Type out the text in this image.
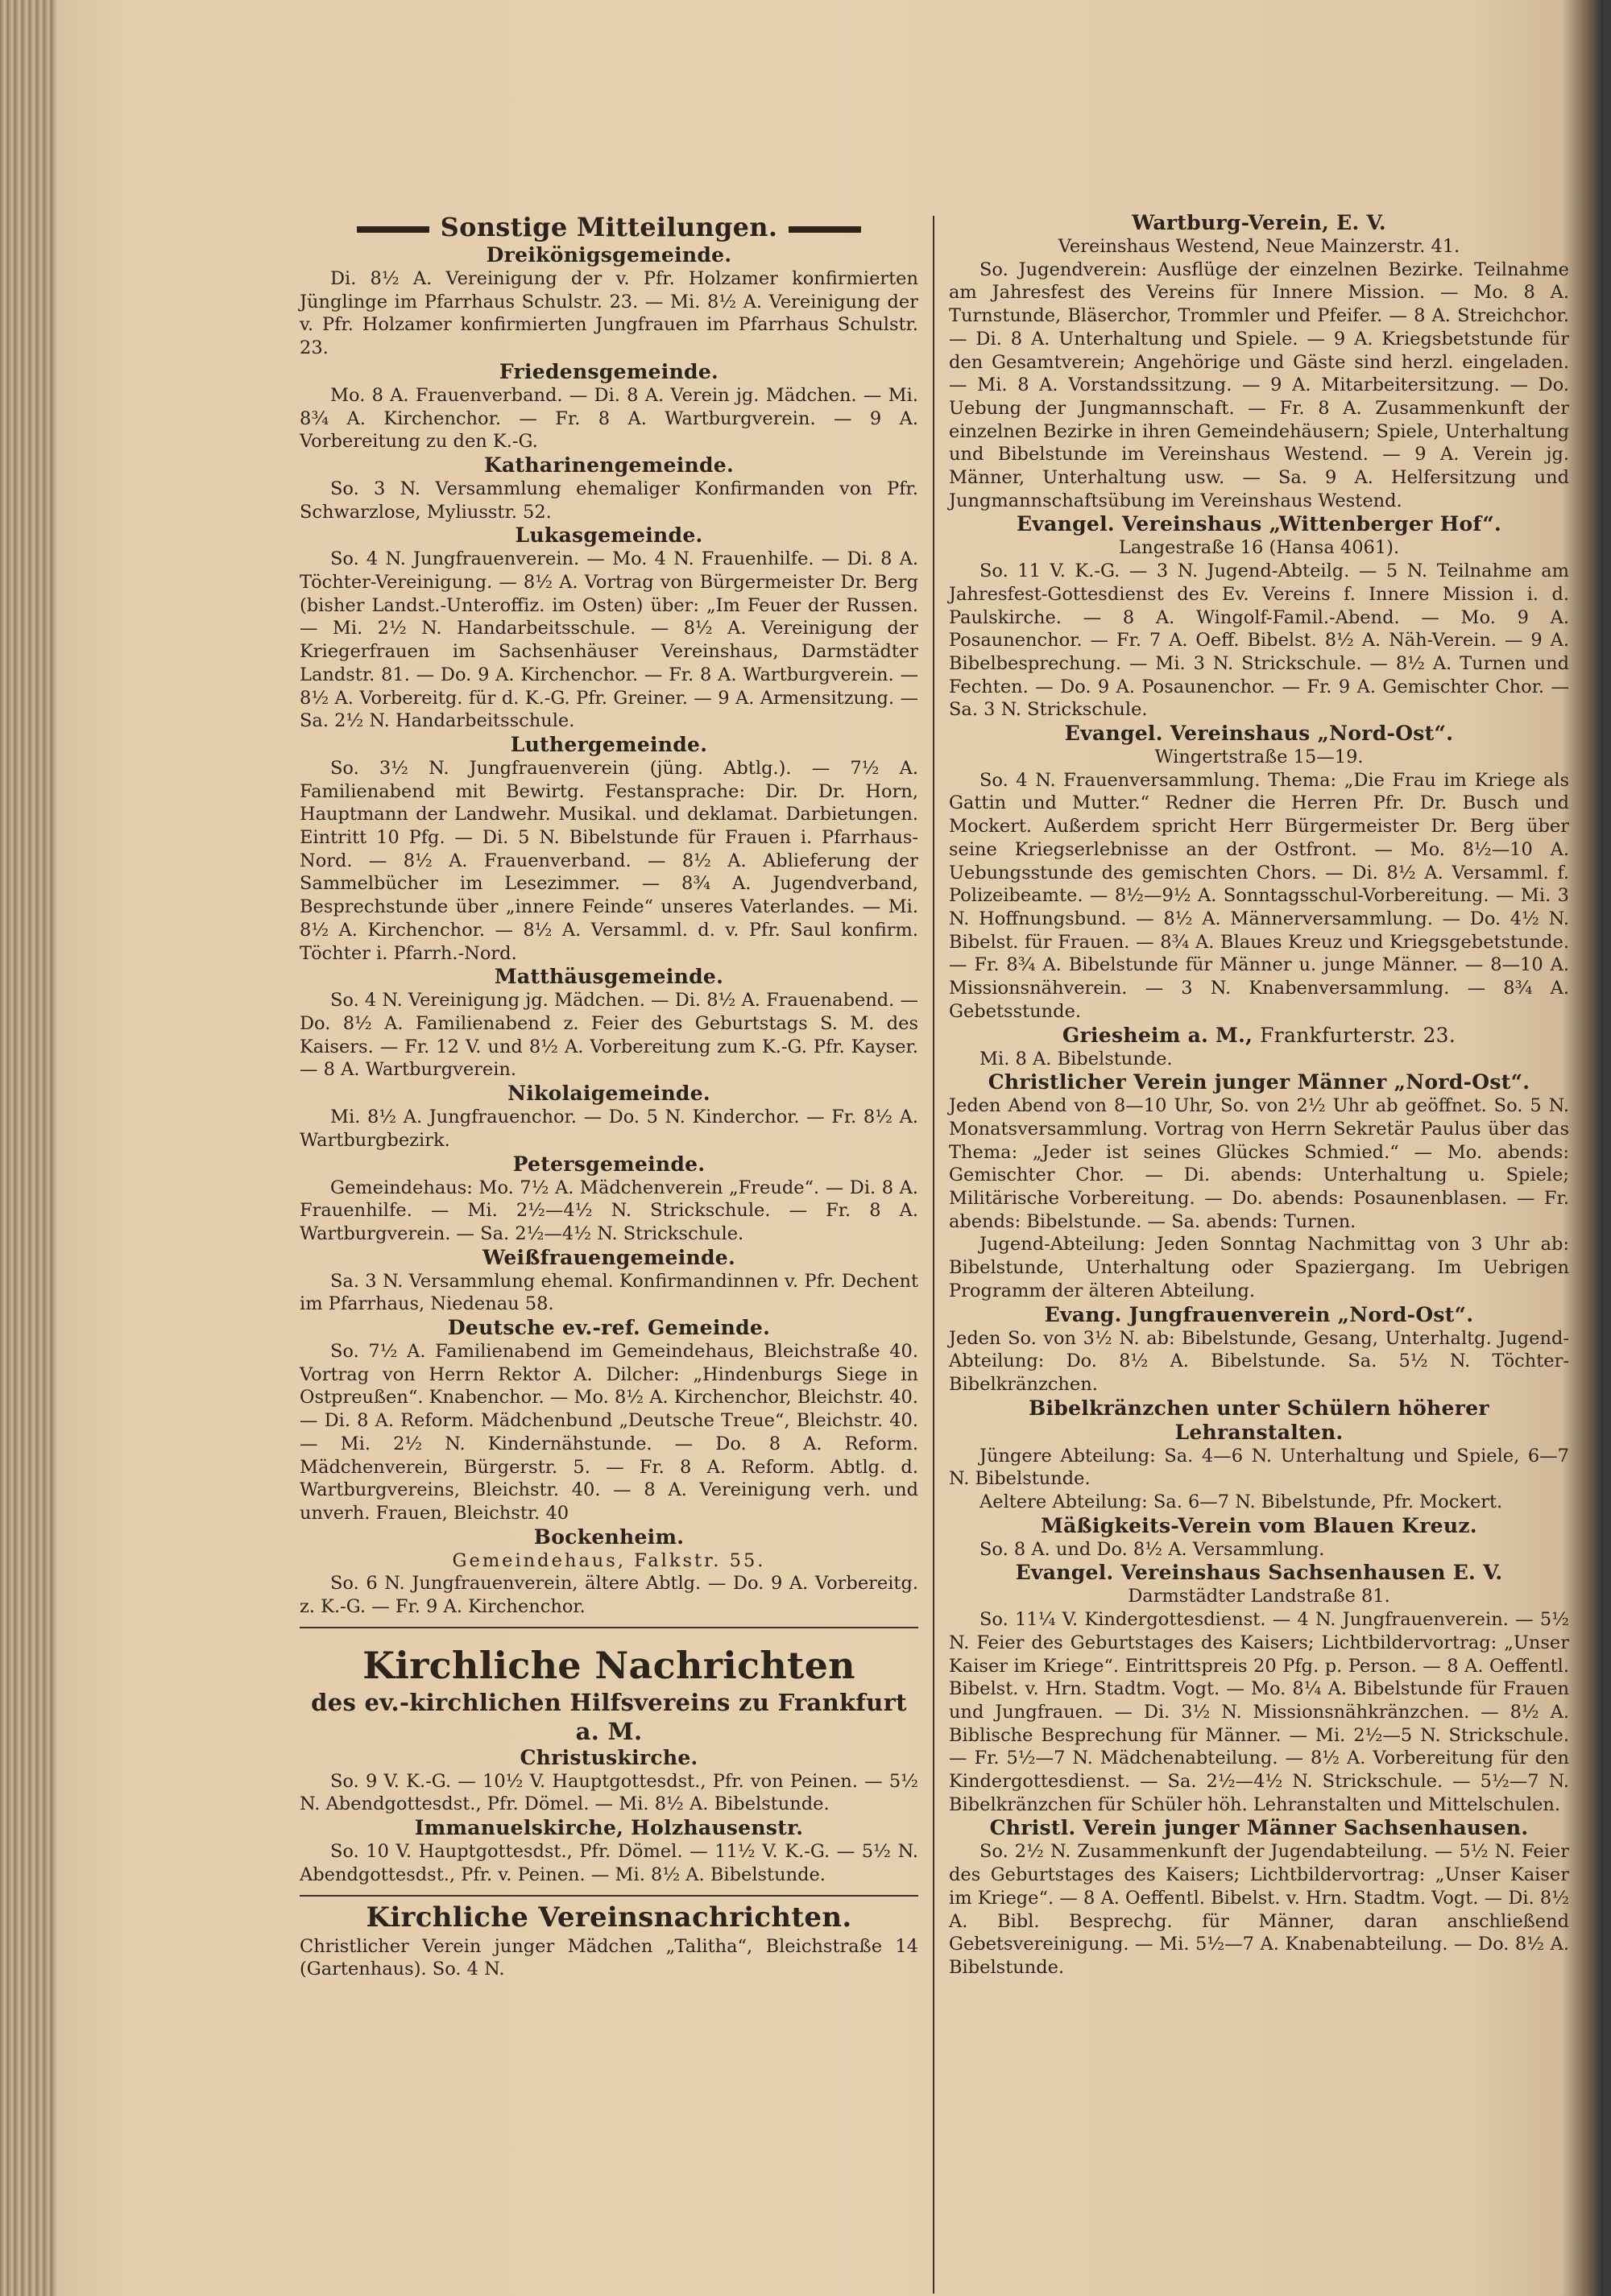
Sonstige Mitteilungen.
Dreikönigsgemeinde.

Di. 8½ A. Vereinigung der v. Pfr. Holzamer konfirmierten Jünglinge im Pfarrhaus Schulstr. 23. — Mi. 8½ A. Vereinigung der v. Pfr. Holzamer konfirmierten Jungfrauen im Pfarrhaus Schulstr. 23.

Friedensgemeinde.

Mo. 8 A. Frauenverband. — Di. 8 A. Verein jg. Mädchen. — Mi. 8¾ A. Kirchenchor. — Fr. 8 A. Wartburgverein. — 9 A. Vorbereitung zu den K.-G.

Katharinengemeinde.

So. 3 N. Versammlung ehemaliger Konfirmanden von Pfr. Schwarzlose, Myliusstr. 52.

Lukasgemeinde.

So. 4 N. Jungfrauenverein. — Mo. 4 N. Frauenhilfe. — Di. 8 A. Töchter-Vereinigung. — 8½ A. Vortrag von Bürgermeister Dr. Berg (bisher Landst.-Unteroffiz. im Osten) über: „Im Feuer der Russen. — Mi. 2½ N. Handarbeitsschule. — 8½ A. Vereinigung der Kriegerfrauen im Sachsenhäuser Vereinshaus, Darmstädter Landstr. 81. — Do. 9 A. Kirchenchor. — Fr. 8 A. Wartburgverein. — 8½ A. Vorbereitg. für d. K.-G. Pfr. Greiner. — 9 A. Armensitzung. — Sa. 2½ N. Handarbeitsschule.

Luthergemeinde.

So. 3½ N. Jungfrauenverein (jüng. Abtlg.). — 7½ A. Familienabend mit Bewirtg. Festansprache: Dir. Dr. Horn, Hauptmann der Landwehr. Musikal. und deklamat. Darbietungen. Eintritt 10 Pfg. — Di. 5 N. Bibelstunde für Frauen i. Pfarrhaus-Nord. — 8½ A. Frauenverband. — 8½ A. Ablieferung der Sammelbücher im Lesezimmer. — 8¾ A. Jugendverband, Besprechstunde über „innere Feinde“ unseres Vaterlandes. — Mi. 8½ A. Kirchenchor. — 8½ A. Versamml. d. v. Pfr. Saul konfirm. Töchter i. Pfarrh.-Nord.

Matthäusgemeinde.

So. 4 N. Vereinigung jg. Mädchen. — Di. 8½ A. Frauenabend. — Do. 8½ A. Familienabend z. Feier des Geburtstags S. M. des Kaisers. — Fr. 12 V. und 8½ A. Vorbereitung zum K.-G. Pfr. Kayser. — 8 A. Wartburgverein.

Nikolaigemeinde.

Mi. 8½ A. Jungfrauenchor. — Do. 5 N. Kinderchor. — Fr. 8½ A. Wartburgbezirk.

Petersgemeinde.

Gemeindehaus: Mo. 7½ A. Mädchenverein „Freude“. — Di. 8 A. Frauenhilfe. — Mi. 2½—4½ N. Strickschule. — Fr. 8 A. Wartburgverein. — Sa. 2½—4½ N. Strickschule.

Weißfrauengemeinde.

Sa. 3 N. Versammlung ehemal. Konfirmandinnen v. Pfr. Dechent im Pfarrhaus, Niedenau 58.

Deutsche ev.-ref. Gemeinde.

So. 7½ A. Familienabend im Gemeindehaus, Bleichstraße 40. Vortrag von Herrn Rektor A. Dilcher: „Hindenburgs Siege in Ostpreußen“. Knabenchor. — Mo. 8½ A. Kirchenchor, Bleichstr. 40. — Di. 8 A. Reform. Mädchenbund „Deutsche Treue“, Bleichstr. 40. — Mi. 2½ N. Kindernähstunde. — Do. 8 A. Reform. Mädchenverein, Bürgerstr. 5. — Fr. 8 A. Reform. Abtlg. d. Wartburgvereins, Bleichstr. 40. — 8 A. Vereinigung verh. und unverh. Frauen, Bleichstr. 40

Bockenheim.

Gemeindehaus, Falkstr. 55.

So. 6 N. Jungfrauenverein, ältere Abtlg. — Do. 9 A. Vorbereitg. z. K.-G. — Fr. 9 A. Kirchenchor.

Kirchliche Nachrichten
des ev.-kirchlichen Hilfsvereins zu Frankfurt a. M.
Christuskirche.

So. 9 V. K.-G. — 10½ V. Hauptgottesdst., Pfr. von Peinen. — 5½ N. Abendgottesdst., Pfr. Dömel. — Mi. 8½ A. Bibelstunde.

Immanuelskirche, Holzhausenstr.

So. 10 V. Hauptgottesdst., Pfr. Dömel. — 11½ V. K.-G. — 5½ N. Abendgottesdst., Pfr. v. Peinen. — Mi. 8½ A. Bibelstunde.

Kirchliche Vereinsnachrichten.

Christlicher Verein junger Mädchen „Talitha“, Bleichstraße 14 (Gartenhaus). So. 4 N.

Wartburg-Verein, E. V.

Vereinshaus Westend, Neue Mainzerstr. 41.

So. Jugendverein: Ausflüge der einzelnen Bezirke. Teilnahme am Jahresfest des Vereins für Innere Mission. — Mo. 8 A. Turnstunde, Bläserchor, Trommler und Pfeifer. — 8 A. Streichchor. — Di. 8 A. Unterhaltung und Spiele. — 9 A. Kriegsbetstunde für den Gesamtverein; Angehörige und Gäste sind herzl. eingeladen. — Mi. 8 A. Vorstandssitzung. — 9 A. Mitarbeitersitzung. — Do. Uebung der Jungmannschaft. — Fr. 8 A. Zusammenkunft der einzelnen Bezirke in ihren Gemeindehäusern; Spiele, Unterhaltung und Bibelstunde im Vereinshaus Westend. — 9 A. Verein jg. Männer, Unterhaltung usw. — Sa. 9 A. Helfersitzung und Jungmannschaftsübung im Vereinshaus Westend.

Evangel. Vereinshaus „Wittenberger Hof“.

Langestraße 16 (Hansa 4061).

So. 11 V. K.-G. — 3 N. Jugend-Abteilg. — 5 N. Teilnahme am Jahresfest-Gottesdienst des Ev. Vereins f. Innere Mission i. d. Paulskirche. — 8 A. Wingolf-Famil.-Abend. — Mo. 9 A. Posaunenchor. — Fr. 7 A. Oeff. Bibelst. 8½ A. Näh-Verein. — 9 A. Bibelbesprechung. — Mi. 3 N. Strickschule. — 8½ A. Turnen und Fechten. — Do. 9 A. Posaunenchor. — Fr. 9 A. Gemischter Chor. — Sa. 3 N. Strickschule.

Evangel. Vereinshaus „Nord-Ost“.

Wingertstraße 15—19.

So. 4 N. Frauenversammlung. Thema: „Die Frau im Kriege als Gattin und Mutter.“ Redner die Herren Pfr. Dr. Busch und Mockert. Außerdem spricht Herr Bürgermeister Dr. Berg über seine Kriegserlebnisse an der Ostfront. — Mo. 8½—10 A. Uebungsstunde des gemischten Chors. — Di. 8½ A. Versamml. f. Polizeibeamte. — 8½—9½ A. Sonntagsschul-Vorbereitung. — Mi. 3 N. Hoffnungsbund. — 8½ A. Männerversammlung. — Do. 4½ N. Bibelst. für Frauen. — 8¾ A. Blaues Kreuz und Kriegsgebetstunde. — Fr. 8¾ A. Bibelstunde für Männer u. junge Männer. — 8—10 A. Missionsnähverein. — 3 N. Knabenversammlung. — 8¾ A. Gebetsstunde.

Griesheim a. M., Frankfurterstr. 23.

Mi. 8 A. Bibelstunde.

Christlicher Verein junger Männer „Nord-Ost“.

Jeden Abend von 8—10 Uhr, So. von 2½ Uhr ab geöffnet. So. 5 N. Monatsversammlung. Vortrag von Herrn Sekretär Paulus über das Thema: „Jeder ist seines Glückes Schmied.“ — Mo. abends: Gemischter Chor. — Di. abends: Unterhaltung u. Spiele; Militärische Vorbereitung. — Do. abends: Posaunenblasen. — Fr. abends: Bibelstunde. — Sa. abends: Turnen.

Jugend-Abteilung: Jeden Sonntag Nachmittag von 3 Uhr ab: Bibelstunde, Unterhaltung oder Spaziergang. Im Uebrigen Programm der älteren Abteilung.

Evang. Jungfrauenverein „Nord-Ost“.

Jeden So. von 3½ N. ab: Bibelstunde, Gesang, Unterhaltg. Jugend-Abteilung: Do. 8½ A. Bibelstunde. Sa. 5½ N. Töchter-Bibelkränzchen.

Bibelkränzchen unter Schülern höherer Lehranstalten.

Jüngere Abteilung: Sa. 4—6 N. Unterhaltung und Spiele, 6—7 N. Bibelstunde.

Aeltere Abteilung: Sa. 6—7 N. Bibelstunde, Pfr. Mockert.

Mäßigkeits-Verein vom Blauen Kreuz.

So. 8 A. und Do. 8½ A. Versammlung.

Evangel. Vereinshaus Sachsenhausen E. V.

Darmstädter Landstraße 81.

So. 11¼ V. Kindergottesdienst. — 4 N. Jungfrauenverein. — 5½ N. Feier des Geburtstages des Kaisers; Lichtbildervortrag: „Unser Kaiser im Kriege“. Eintrittspreis 20 Pfg. p. Person. — 8 A. Oeffentl. Bibelst. v. Hrn. Stadtm. Vogt. — Mo. 8¼ A. Bibelstunde für Frauen und Jungfrauen. — Di. 3½ N. Missionsnähkränzchen. — 8½ A. Biblische Besprechung für Männer. — Mi. 2½—5 N. Strickschule. — Fr. 5½—7 N. Mädchenabteilung. — 8½ A. Vorbereitung für den Kindergottesdienst. — Sa. 2½—4½ N. Strickschule. — 5½—7 N. Bibelkränzchen für Schüler höh. Lehranstalten und Mittelschulen.

Christl. Verein junger Männer Sachsenhausen.

So. 2½ N. Zusammenkunft der Jugendabteilung. — 5½ N. Feier des Geburtstages des Kaisers; Lichtbildervortrag: „Unser Kaiser im Kriege“. — 8 A. Oeffentl. Bibelst. v. Hrn. Stadtm. Vogt. — Di. 8½ A. Bibl. Besprechg. für Männer, daran anschließend Gebetsvereinigung. — Mi. 5½—7 A. Knabenabteilung. — Do. 8½ A. Bibelstunde.
